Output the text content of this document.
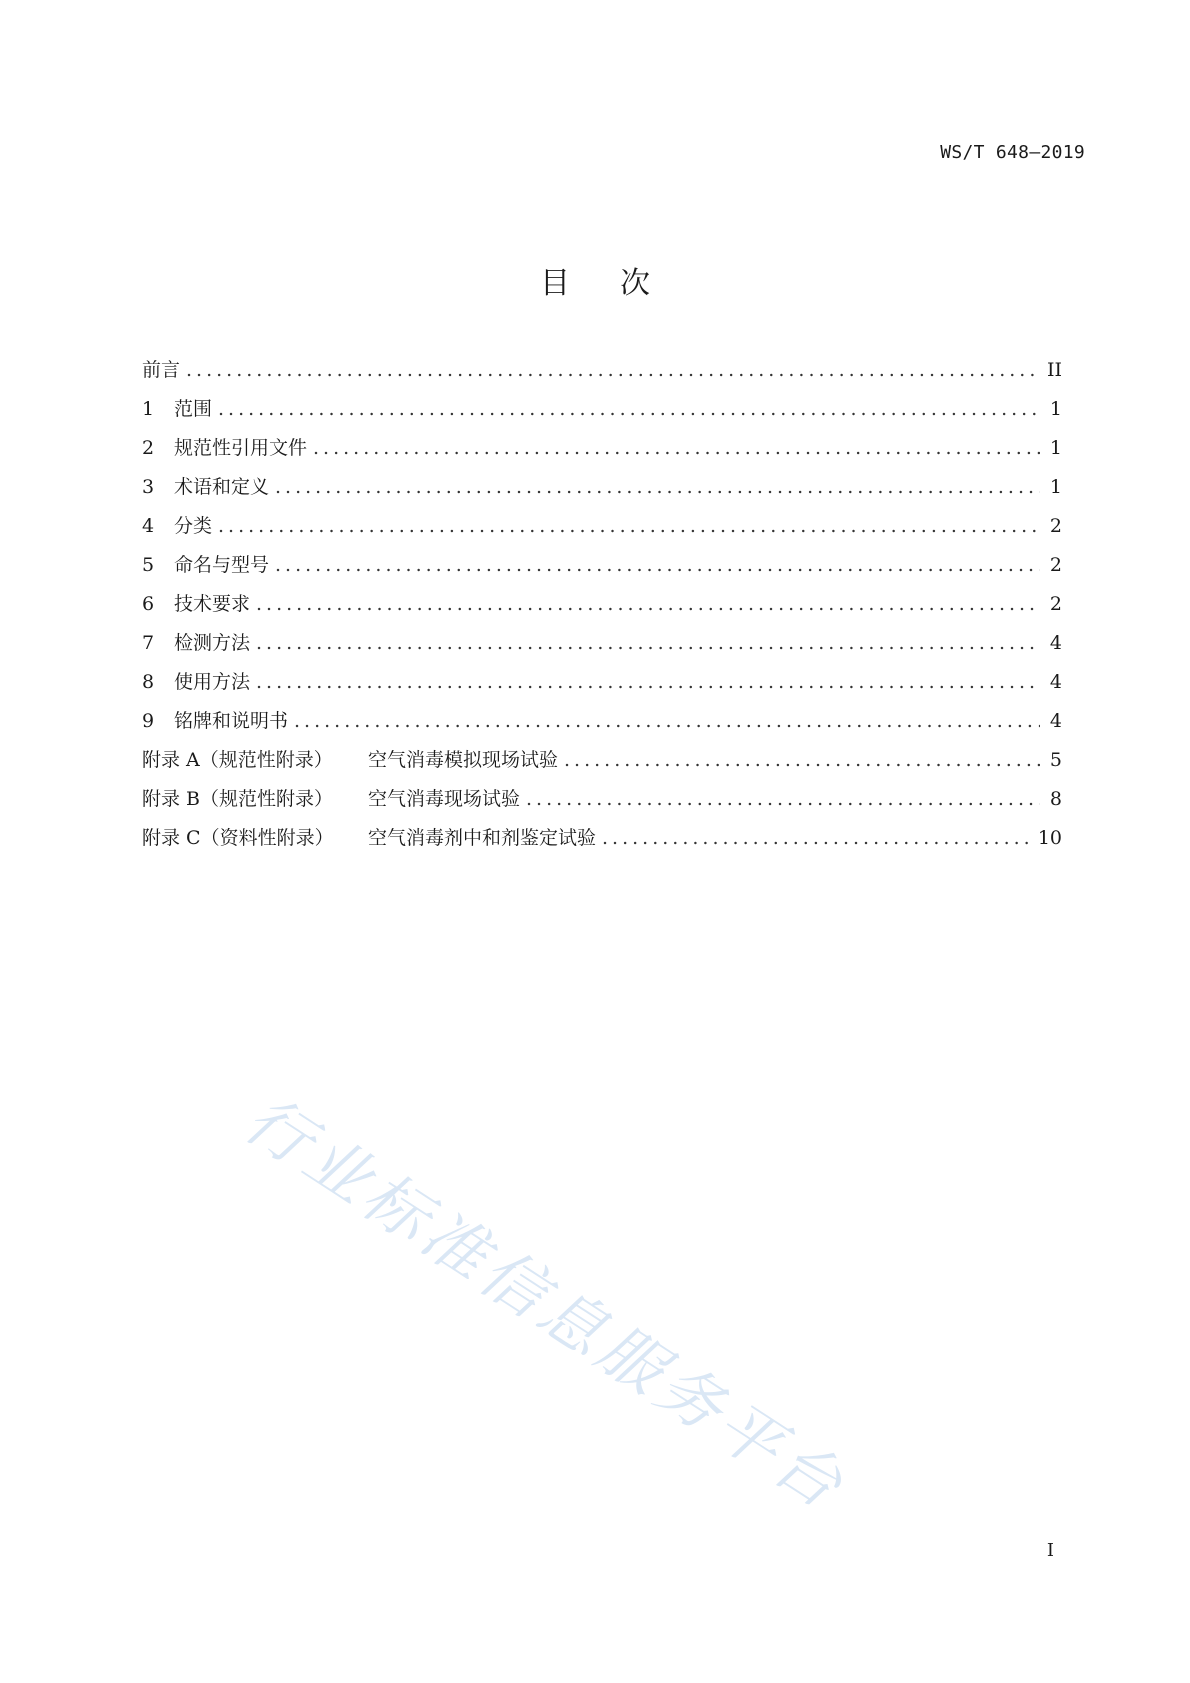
WS/T 648—2019
目次
前言 .....	II
1	范围 .....	1
2	规范性引用文件 .....	1
3	术语和定义 .....	1
4	分类 .....	2
5	命名与型号 .....	2
6	技术要求 .....	2
7	检测方法 .....	4
8	使用方法 .....	4
9	铭牌和说明书 .....	4
附录 A（规范性附录）	空气消毒模拟现场试验 .....	5
附录 B（规范性附录）	空气消毒现场试验 .....	8
附录 C（资料性附录）	空气消毒剂中和剂鉴定试验 .....	10
行业标准信息服务平台
I
